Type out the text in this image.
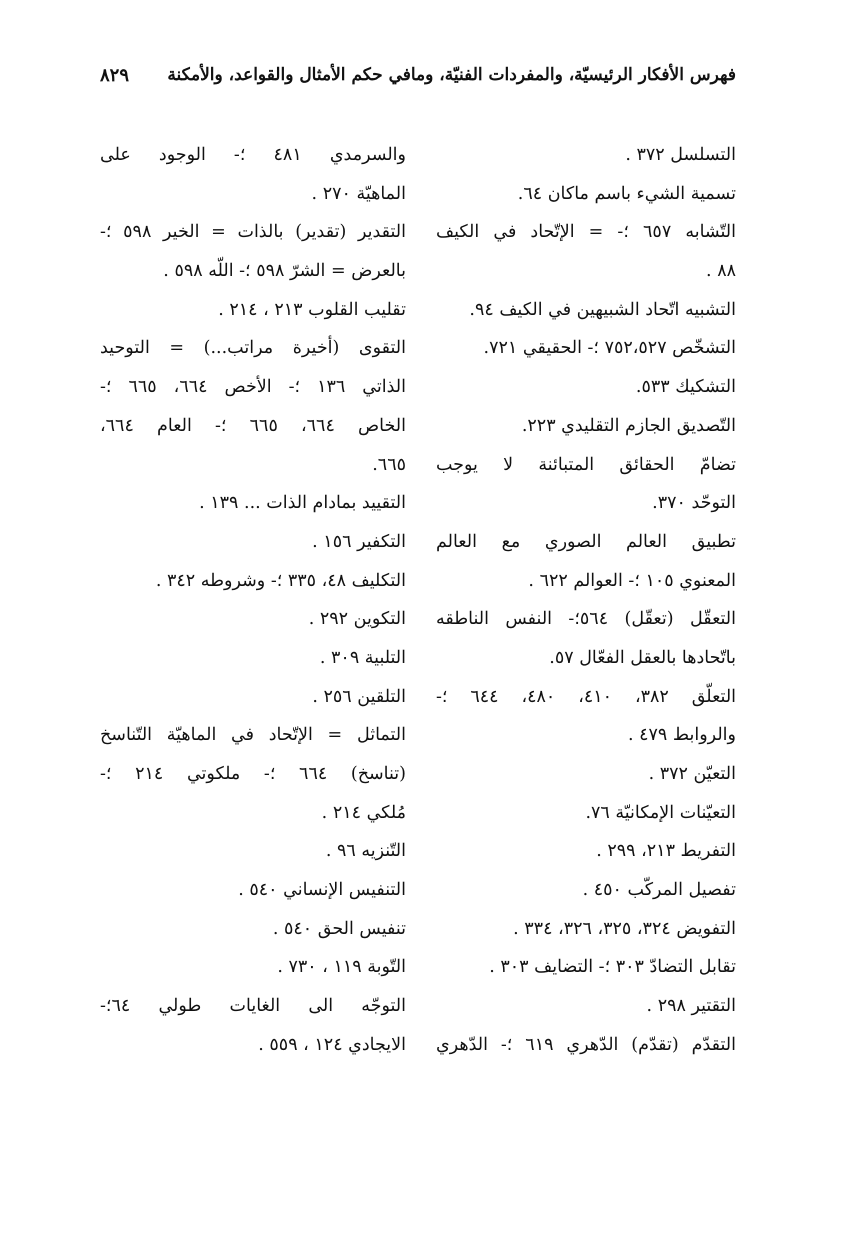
فهرس الأفكار الرئيسيّة، والمفردات الفنيّة، ومافي حكم الأمثال والقواعد، والأمكنة
٨٢٩
التسلسل ٣٧٢ .
تسمية الشيء باسم ماكان ٦٤.
التّشابه ٦٥٧ ؛- = الإتّحاد في الكيف
٨٨ .
التشبيه اتّحاد الشبيهين في الكيف ٩٤.
التشخّص ٧٥٢،٥٢٧ ؛- الحقيقي ٧٢١.
التشكيك ٥٣٣.
التّصديق الجازم التقليدي ٢٢٣.
تضامّ الحقائق المتبائنة لا يوجب
التوحّد ٣٧٠.
تطبيق العالم الصوري مع العالم
المعنوي ١٠٥ ؛- العوالم ٦٢٢ .
التعقّل (تعقّل) ٥٦٤؛- النفس الناطقه
باتّحادها بالعقل الفعّال ٥٧.
التعلّق ٣٨٢، ٤١٠، ٤٨٠، ٦٤٤ ؛-
والروابط ٤٧٩ .
التعيّن ٣٧٢ .
التعيّنات الإمكانيّة ٧٦.
التفريط ٢١٣، ٢٩٩ .
تفصيل المركّب ٤٥٠ .
التفويض ٣٢٤، ٣٢٥، ٣٢٦، ٣٣٤ .
تقابل التضادّ ٣٠٣ ؛- التضايف ٣٠٣ .
التقتير ٢٩٨ .
التقدّم (تقدّم) الدّهري ٦١٩ ؛- الدّهري
والسرمدي ٤٨١ ؛- الوجود على
الماهيّة ٢٧٠ .
التقدير (تقدير) بالذات = الخير ٥٩٨ ؛-
بالعرض = الشرّ ٥٩٨ ؛- اللّه ٥٩٨ .
تقليب القلوب ٢١٣ ، ٢١٤ .
التقوى (أخيرة مراتب...) = التوحيد
الذاتي ١٣٦ ؛- الأخص ٦٦٤، ٦٦٥ ؛-
الخاص ٦٦٤، ٦٦٥ ؛- العام ٦٦٤،
٦٦٥.
التقييد بمادام الذات ... ١٣٩ .
التكفير ١٥٦ .
التكليف ٤٨، ٣٣٥ ؛- وشروطه ٣٤٢ .
التكوين ٢٩٢ .
التلبية ٣٠٩ .
التلقين ٢٥٦ .
التماثل = الإتّحاد في الماهيّة التّناسخ
(تناسخ) ٦٦٤ ؛- ملكوتي ٢١٤ ؛-
مُلكي ٢١٤ .
التّنزيه ٩٦ .
التنفيس الإنساني ٥٤٠ .
تنفيس الحق ٥٤٠ .
التّوبة ١١٩ ، ٧٣٠ .
التوجّه الى الغايات طولي ٦٤؛-
الايجادي ١٢٤ ، ٥٥٩ .
